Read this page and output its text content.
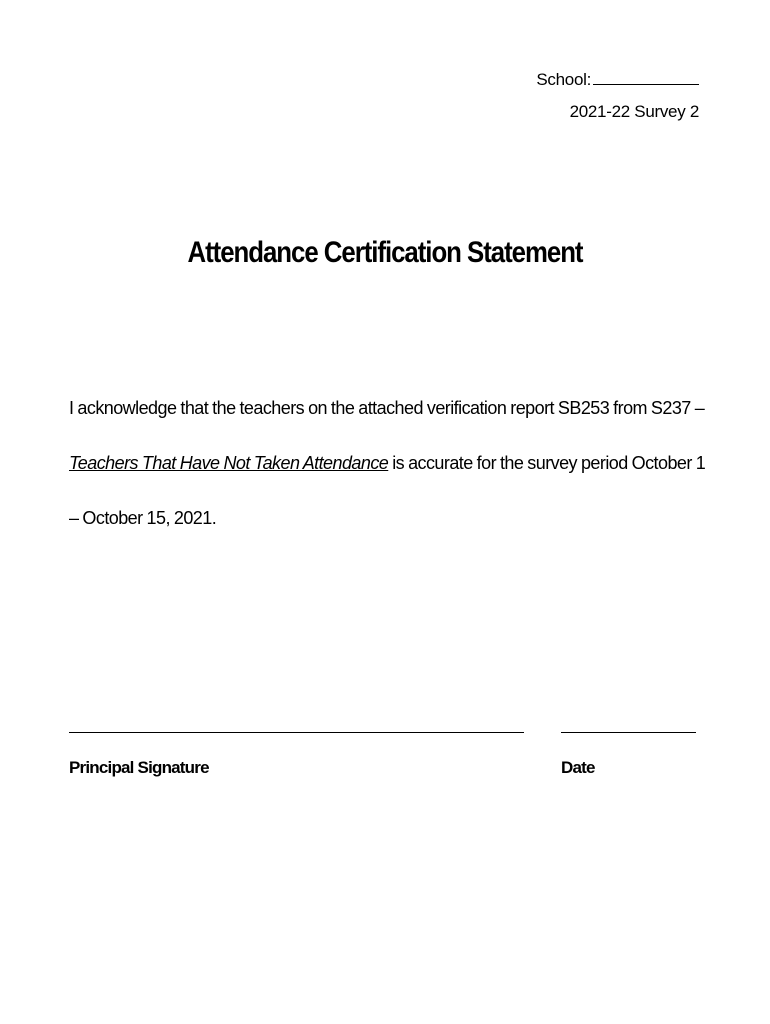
School:
2021-22 Survey 2
Attendance Certification Statement
I acknowledge that the teachers on the attached verification report SB253 from S237 – Teachers That Have Not Taken Attendance is accurate for the survey period October 1 – October 15, 2021.
Principal Signature	Date
